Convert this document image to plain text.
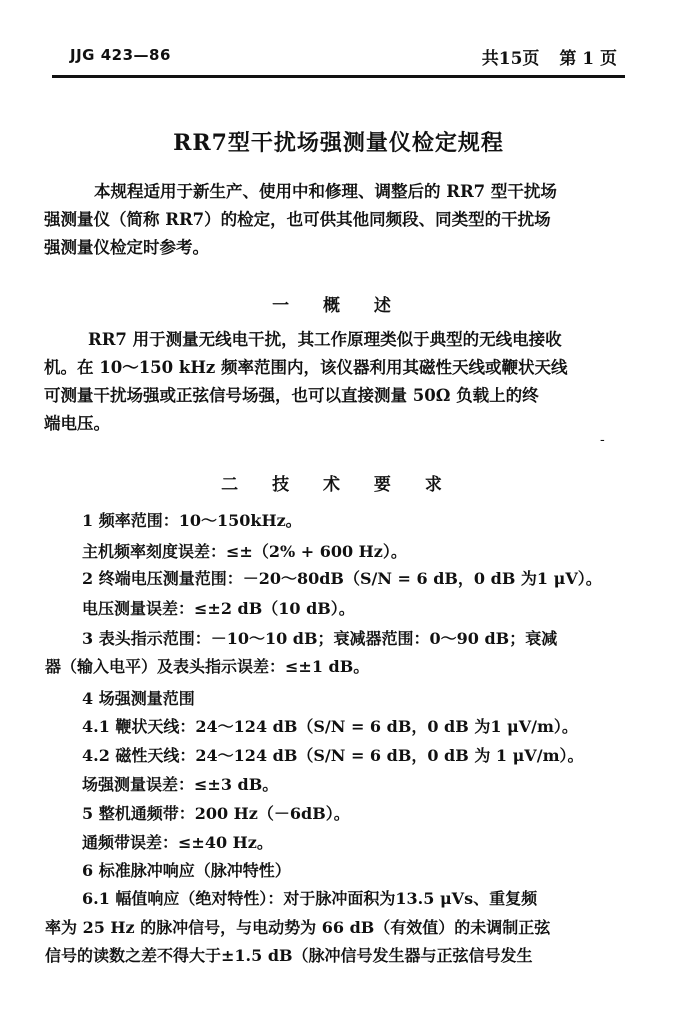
JJG 423—86	共15页 第 1 页
RR7型干扰场强测量仪检定规程
本规程适用于新生产、使用中和修理、调整后的 RR7 型干扰场
强测量仪（简称 RR7）的检定，也可供其他同频段、同类型的干扰场
强测量仪检定时参考。
一 概 述
RR7 用于测量无线电干扰，其工作原理类似于典型的无线电接收
机。在 10～150 kHz 频率范围内，该仪器利用其磁性天线或鞭状天线
可测量干扰场强或正弦信号场强，也可以直接测量 50Ω 负载上的终
端电压。
-
二 技 术 要 求
1 频率范围：10～150kHz。
主机频率刻度误差：≤±（2% + 600 Hz）。
2 终端电压测量范围：－20～80dB（S/N = 6 dB，0 dB 为1 μV）。
电压测量误差：≤±2 dB（10 dB）。
3 表头指示范围：－10～10 dB；衰减器范围：0～90 dB；衰减
器（输入电平）及表头指示误差：≤±1 dB。
4 场强测量范围
4.1 鞭状天线：24～124 dB（S/N = 6 dB，0 dB 为1 μV/m）。
4.2 磁性天线：24～124 dB（S/N = 6 dB，0 dB 为 1 μV/m）。
场强测量误差：≤±3 dB。
5 整机通频带：200 Hz（－6dB）。
通频带误差：≤±40 Hz。
6 标准脉冲响应（脉冲特性）
6.1 幅值响应（绝对特性）：对于脉冲面积为13.5 μVs、重复频
率为 25 Hz 的脉冲信号，与电动势为 66 dB（有效值）的未调制正弦
信号的读数之差不得大于±1.5 dB（脉冲信号发生器与正弦信号发生
